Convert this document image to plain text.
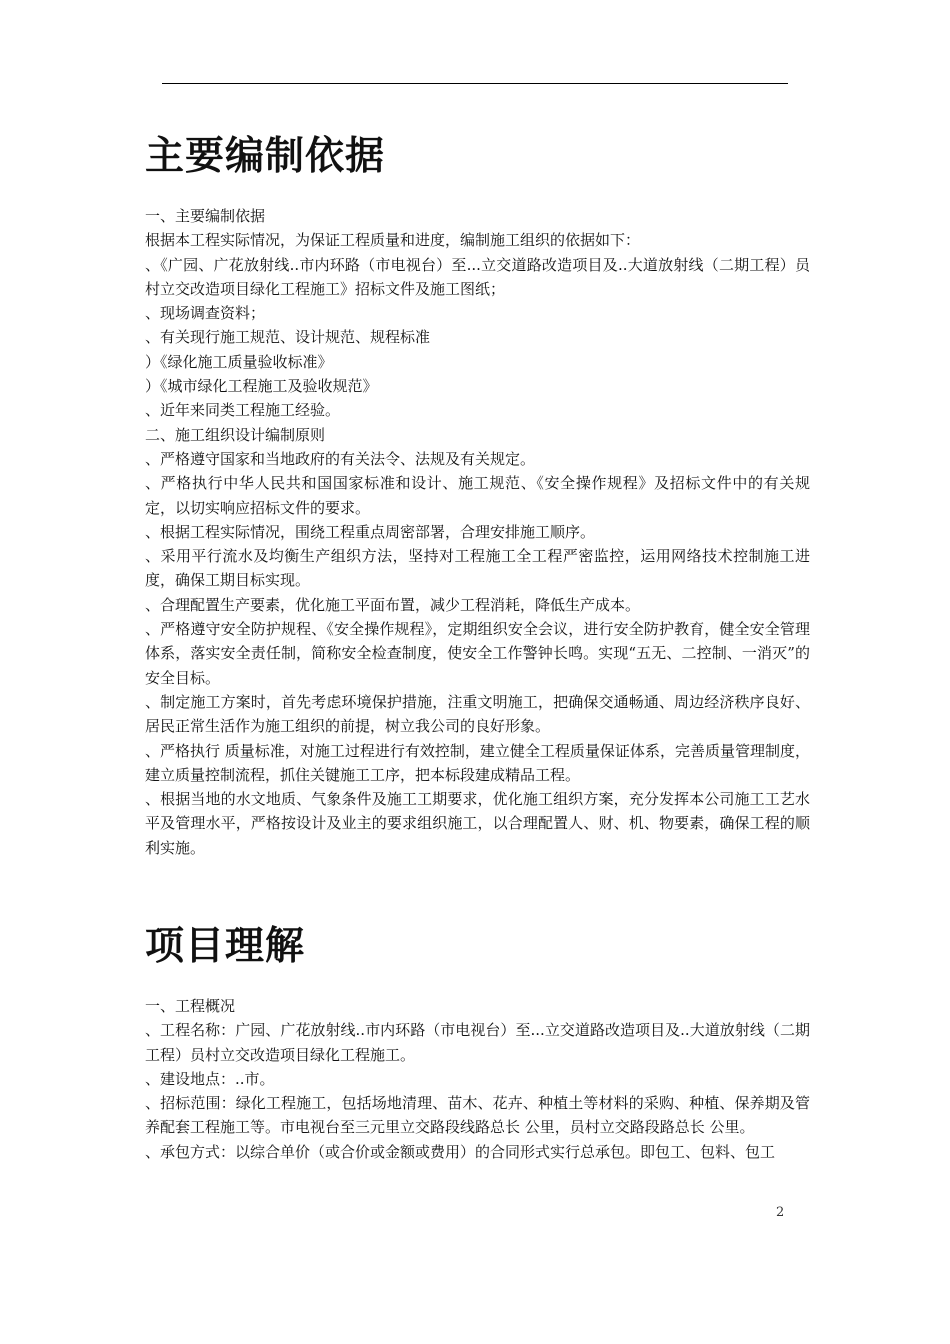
主要编制依据

一、主要编制依据

根据本工程实际情况，为保证工程质量和进度，编制施工组织的依据如下：

、《广园、广花放射线..市内环路（市电视台）至...立交道路改造项目及..大道放射线（二期工程）员村立交改造项目绿化工程施工》招标文件及施工图纸；

、现场调查资料；

、有关现行施工规范、设计规范、规程标准

）《绿化施工质量验收标准》

）《城市绿化工程施工及验收规范》

、近年来同类工程施工经验。

二、施工组织设计编制原则

、严格遵守国家和当地政府的有关法令、法规及有关规定。

、严格执行中华人民共和国国家标准和设计、施工规范、《安全操作规程》及招标文件中的有关规定，以切实响应招标文件的要求。

、根据工程实际情况，围绕工程重点周密部署，合理安排施工顺序。

、采用平行流水及均衡生产组织方法，坚持对工程施工全工程严密监控，运用网络技术控制施工进度，确保工期目标实现。

、合理配置生产要素，优化施工平面布置，减少工程消耗，降低生产成本。

、严格遵守安全防护规程、《安全操作规程》，定期组织安全会议，进行安全防护教育，健全安全管理体系，落实安全责任制，简称安全检查制度，使安全工作警钟长鸣。实现“五无、二控制、一消灭”的安全目标。

、制定施工方案时，首先考虑环境保护措施，注重文明施工，把确保交通畅通、周边经济秩序良好、居民正常生活作为施工组织的前提，树立我公司的良好形象。

、严格执行 质量标准，对施工过程进行有效控制，建立健全工程质量保证体系，完善质量管理制度，建立质量控制流程，抓住关键施工工序，把本标段建成精品工程。

、根据当地的水文地质、气象条件及施工工期要求，优化施工组织方案，充分发挥本公司施工工艺水平及管理水平，严格按设计及业主的要求组织施工，以合理配置人、财、机、物要素，确保工程的顺利实施。

项目理解

一、工程概况

、工程名称：广园、广花放射线..市内环路（市电视台）至...立交道路改造项目及..大道放射线（二期工程）员村立交改造项目绿化工程施工。

、建设地点：..市。

、招标范围：绿化工程施工，包括场地清理、苗木、花卉、种植土等材料的采购、种植、保养期及管养配套工程施工等。市电视台至三元里立交路段线路总长 公里，员村立交路段路总长 公里。

、承包方式：以综合单价（或合价或金额或费用）的合同形式实行总承包。即包工、包料、包工

2
